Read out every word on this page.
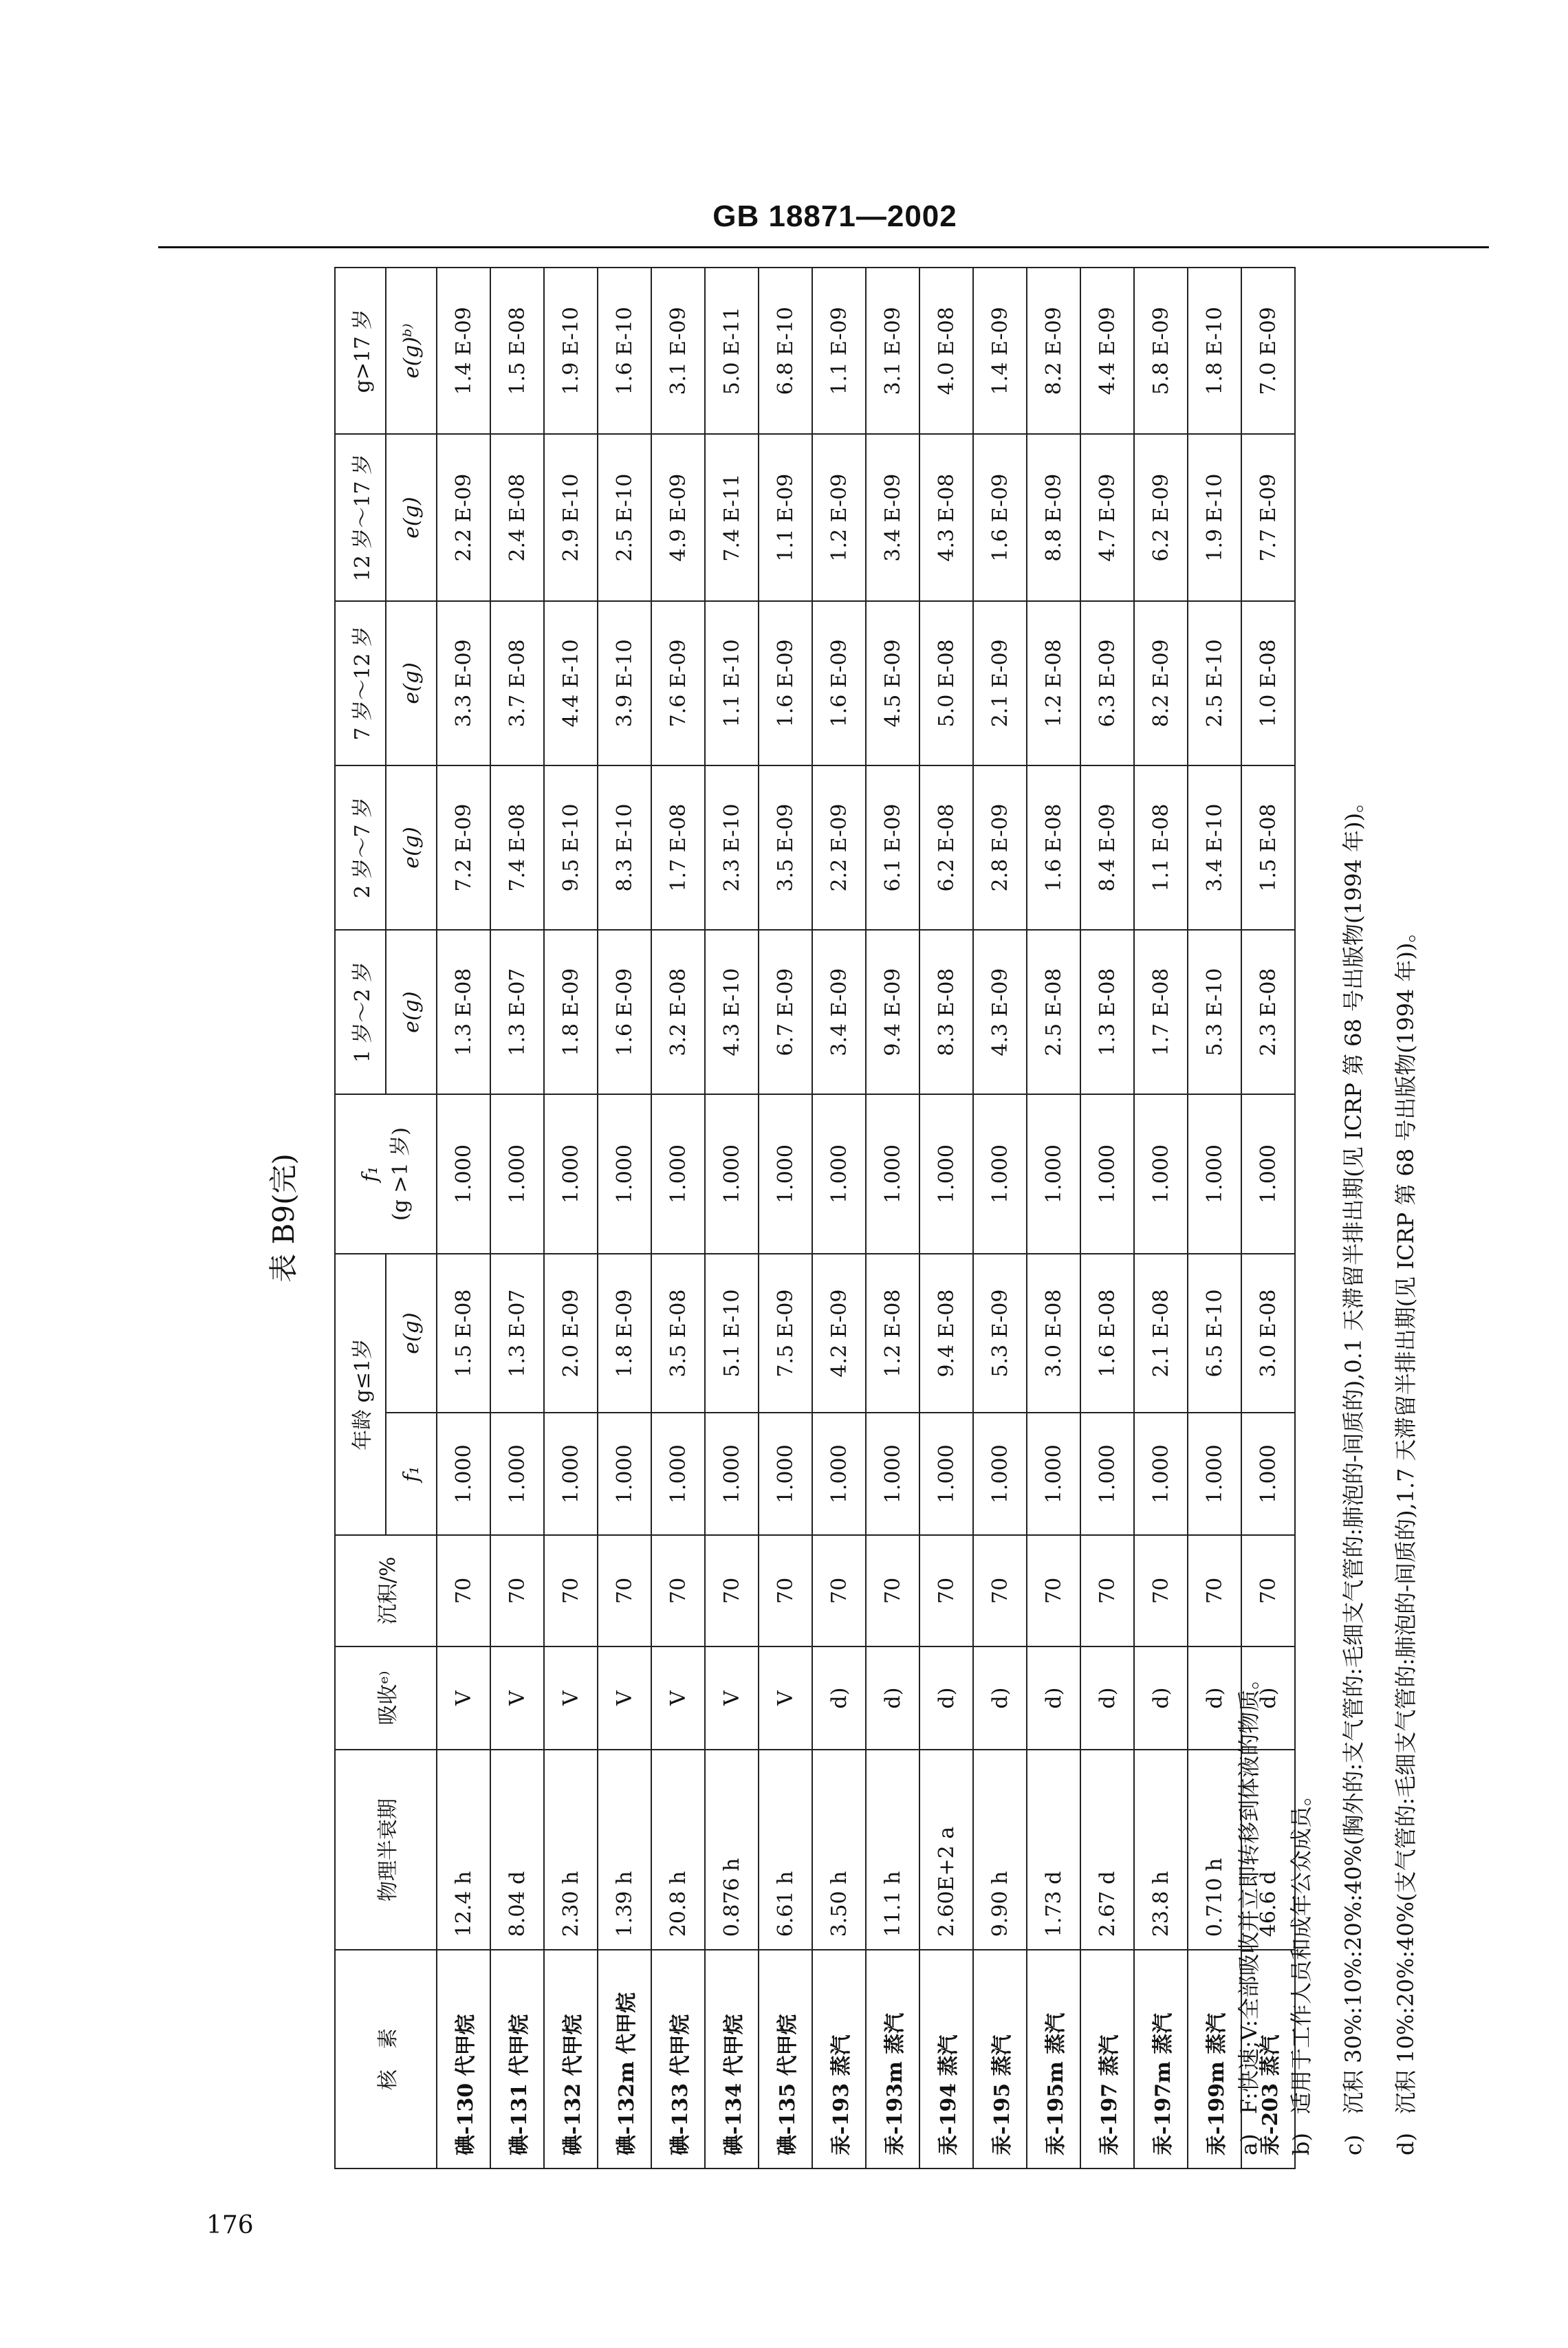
GB 18871—2002
表 B9(完)
核　素	物理半衰期	吸收ᵉ⁾	沉积/%	年龄 g≤1岁		f₁ (g >1 岁)	1 岁～2 岁	2 岁～7 岁	7 岁～12 岁	12 岁～17 岁	g>17 岁
				f₁	e(g)		e(g)	e(g)	e(g)	e(g)	e(g)ᵇ⁾
碘-130 代甲烷	12.4 h	V	70	1.000	1.5 E-08	1.000	1.3 E-08	7.2 E-09	3.3 E-09	2.2 E-09	1.4 E-09
碘-131 代甲烷	8.04 d	V	70	1.000	1.3 E-07	1.000	1.3 E-07	7.4 E-08	3.7 E-08	2.4 E-08	1.5 E-08
碘-132 代甲烷	2.30 h	V	70	1.000	2.0 E-09	1.000	1.8 E-09	9.5 E-10	4.4 E-10	2.9 E-10	1.9 E-10
碘-132m 代甲烷	1.39 h	V	70	1.000	1.8 E-09	1.000	1.6 E-09	8.3 E-10	3.9 E-10	2.5 E-10	1.6 E-10
碘-133 代甲烷	20.8 h	V	70	1.000	3.5 E-08	1.000	3.2 E-08	1.7 E-08	7.6 E-09	4.9 E-09	3.1 E-09
碘-134 代甲烷	0.876 h	V	70	1.000	5.1 E-10	1.000	4.3 E-10	2.3 E-10	1.1 E-10	7.4 E-11	5.0 E-11
碘-135 代甲烷	6.61 h	V	70	1.000	7.5 E-09	1.000	6.7 E-09	3.5 E-09	1.6 E-09	1.1 E-09	6.8 E-10
汞-193 蒸汽	3.50 h	d)	70	1.000	4.2 E-09	1.000	3.4 E-09	2.2 E-09	1.6 E-09	1.2 E-09	1.1 E-09
汞-193m 蒸汽	11.1 h	d)	70	1.000	1.2 E-08	1.000	9.4 E-09	6.1 E-09	4.5 E-09	3.4 E-09	3.1 E-09
汞-194 蒸汽	2.60E+2 a	d)	70	1.000	9.4 E-08	1.000	8.3 E-08	6.2 E-08	5.0 E-08	4.3 E-08	4.0 E-08
汞-195 蒸汽	9.90 h	d)	70	1.000	5.3 E-09	1.000	4.3 E-09	2.8 E-09	2.1 E-09	1.6 E-09	1.4 E-09
汞-195m 蒸汽	1.73 d	d)	70	1.000	3.0 E-08	1.000	2.5 E-08	1.6 E-08	1.2 E-08	8.8 E-09	8.2 E-09
汞-197 蒸汽	2.67 d	d)	70	1.000	1.6 E-08	1.000	1.3 E-08	8.4 E-09	6.3 E-09	4.7 E-09	4.4 E-09
汞-197m 蒸汽	23.8 h	d)	70	1.000	2.1 E-08	1.000	1.7 E-08	1.1 E-08	8.2 E-09	6.2 E-09	5.8 E-09
汞-199m 蒸汽	0.710 h	d)	70	1.000	6.5 E-10	1.000	5.3 E-10	3.4 E-10	2.5 E-10	1.9 E-10	1.8 E-10
汞-203 蒸汽	46.6 d	d)	70	1.000	3.0 E-08	1.000	2.3 E-08	1.5 E-08	1.0 E-08	7.7 E-09	7.0 E-09
a)F:快速;V:全部吸收并立即转移到体液的物质。
b)适用于工作人员和成年公众成员。
c)沉积 30%:10%:20%:40%(胸外的:支气管的:毛细支气管的:肺泡的-间质的),0.1 天滞留半排出期(见 ICRP 第 68 号出版物(1994 年))。
d)沉积 10%:20%:40%(支气管的:毛细支气管的:肺泡的-间质的),1.7 天滞留半排出期(见 ICRP 第 68 号出版物(1994 年))。
176
